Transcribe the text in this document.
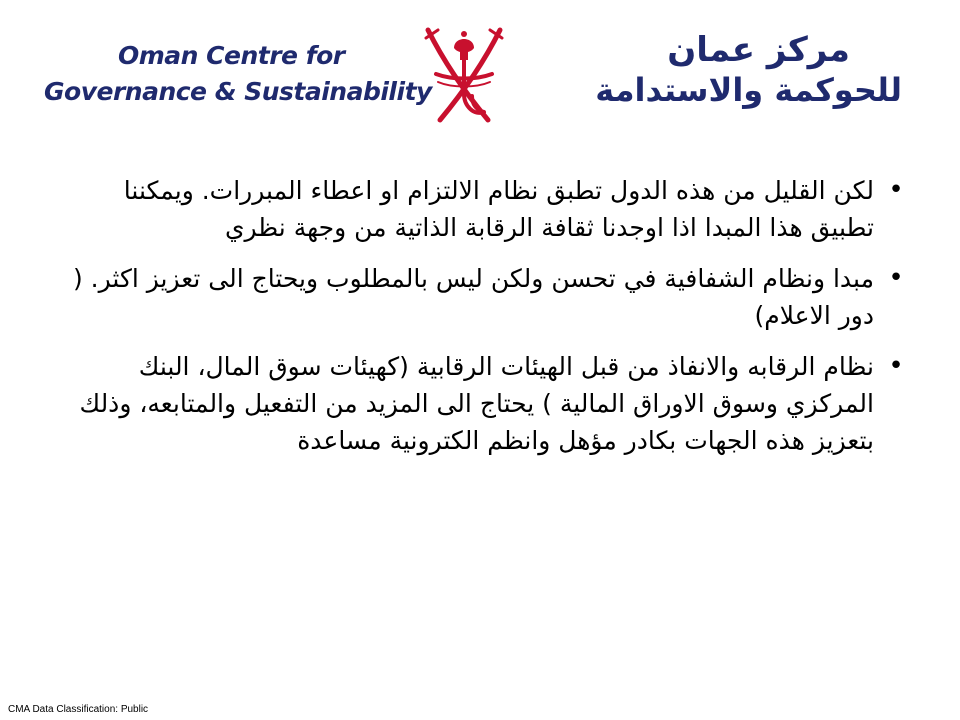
Oman Centre for
Governance & Sustainability
مركز عمان
للحوكمة والاستدامة
•
لكن القليل من هذه الدول تطبق نظام الالتزام او اعطاء المبررات. ويمكننا تطبيق هذا المبدا اذا اوجدنا ثقافة الرقابة الذاتية من وجهة نظري
•
مبدا ونظام الشفافية في تحسن ولكن ليس بالمطلوب ويحتاج الى تعزيز اكثر. ( دور الاعلام)
•
نظام الرقابه والانفاذ من قبل الهيئات الرقابية (كهيئات سوق المال، البنك المركزي وسوق الاوراق المالية ) يحتاج الى المزيد من التفعيل والمتابعه، وذلك بتعزيز هذه الجهات بكادر مؤهل وانظم الكترونية مساعدة
CMA Data Classification: Public
